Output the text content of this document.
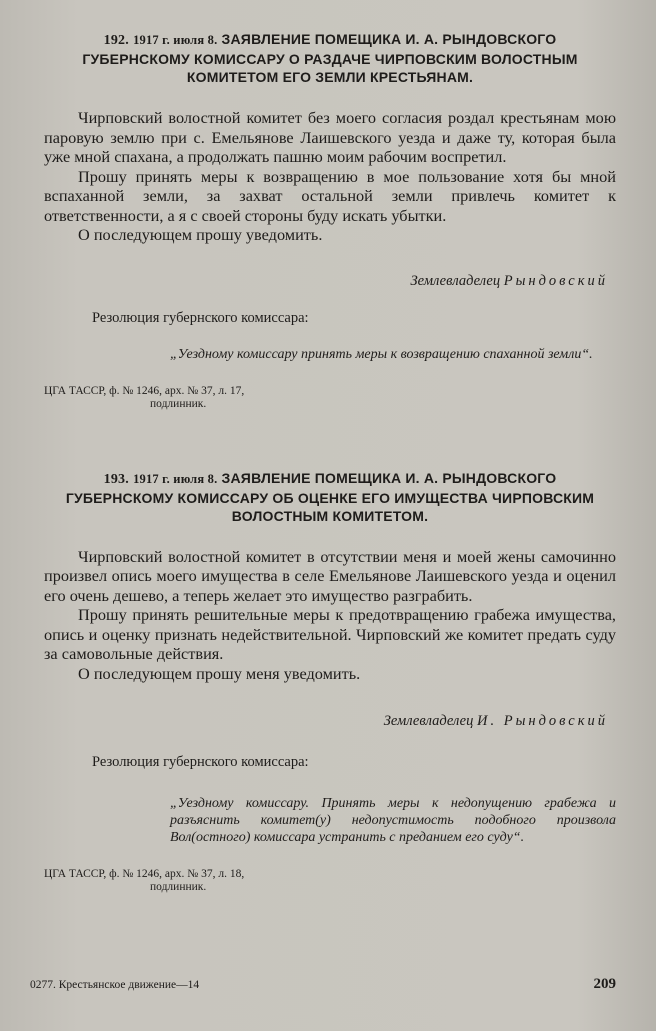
192. 1917 г. июля 8. ЗАЯВЛЕНИЕ ПОМЕЩИКА И. А. РЫНДОВСКОГО ГУБЕРНСКОМУ КОМИССАРУ О РАЗДАЧЕ ЧИРПОВСКИМ ВОЛОСТНЫМ КОМИТЕТОМ ЕГО ЗЕМЛИ КРЕСТЬЯНАМ.

Чирповский волостной комитет без моего согласия роздал крестьянам мою паровую землю при с. Емельянове Лаишевского уезда и даже ту, которая была уже мной спахана, а продолжать пашню моим рабочим воспретил.

Прошу принять меры к возвращению в мое пользование хотя бы мной вспаханной земли, за захват остальной земли привлечь комитет к ответственности, а я с своей стороны буду искать убытки.

О последующем прошу уведомить.

Землевладелец Рындовский
Резолюция губернского комиссара:
„Уездному комиссару принять меры к возвращению спаханной земли“.
ЦГА ТАССР, ф. № 1246, арх. № 37, л. 17,
подлинник.
193. 1917 г. июля 8. ЗАЯВЛЕНИЕ ПОМЕЩИКА И. А. РЫНДОВСКОГО ГУБЕРНСКОМУ КОМИССАРУ ОБ ОЦЕНКЕ ЕГО ИМУЩЕСТВА ЧИРПОВСКИМ ВОЛОСТНЫМ КОМИТЕТОМ.

Чирповский волостной комитет в отсутствии меня и моей жены самочинно произвел опись моего имущества в селе Емельянове Лаишевского уезда и оценил его очень дешево, а теперь желает это имущество разграбить.

Прошу принять решительные меры к предотвращению грабежа имущества, опись и оценку признать недействительной. Чирповский же комитет предать суду за самовольные действия.

О последующем прошу меня уведомить.

Землевладелец И. Рындовский
Резолюция губернского комиссара:
„Уездному комиссару. Принять меры к недопущению грабежа и разъяснить комитет(у) недопустимость подобного произвола Вол(остного) комиссара устранить с преданием его суду“.
ЦГА ТАССР, ф. № 1246, арх. № 37, л. 18,
подлинник.
0277. Крестьянское движение—14	209
